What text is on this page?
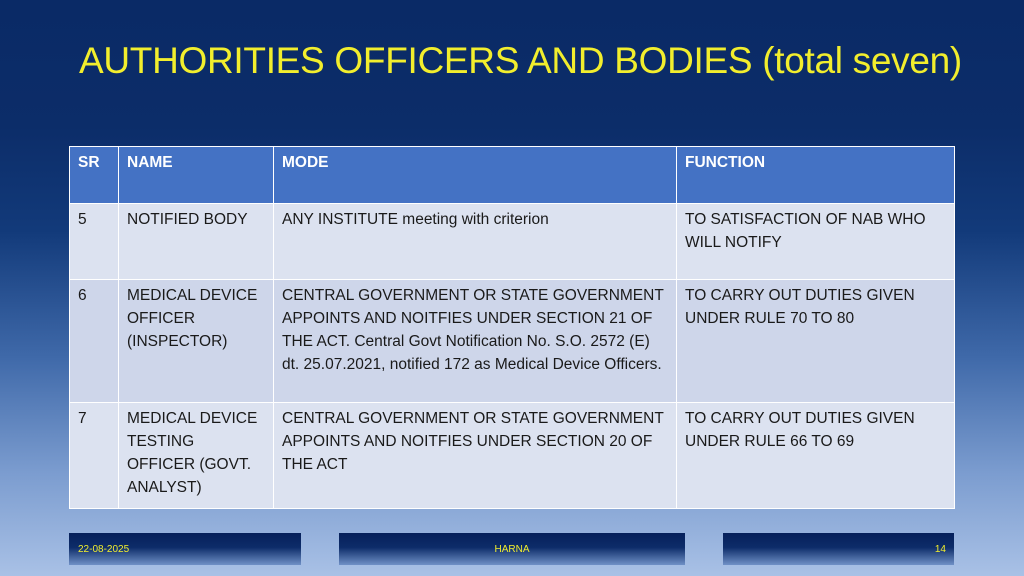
AUTHORITIES OFFICERS AND BODIES (total seven)
SR	NAME	MODE	FUNCTION
5	NOTIFIED BODY	ANY INSTITUTE meeting with criterion	TO SATISFACTION OF NAB WHO WILL NOTIFY
6	MEDICAL DEVICE OFFICER (INSPECTOR)	CENTRAL GOVERNMENT OR STATE GOVERNMENT APPOINTS AND NOITFIES UNDER SECTION 21 OF THE ACT. Central Govt Notification No. S.O. 2572 (E) dt. 25.07.2021, notified 172 as Medical Device Officers.	TO CARRY OUT DUTIES GIVEN UNDER RULE 70 TO 80
7	MEDICAL DEVICE TESTING OFFICER (GOVT. ANALYST)	CENTRAL GOVERNMENT OR STATE GOVERNMENT APPOINTS AND NOITFIES UNDER SECTION 20 OF THE ACT	TO CARRY OUT DUTIES GIVEN UNDER RULE 66 TO 69
22-08-2025	HARNA	14
